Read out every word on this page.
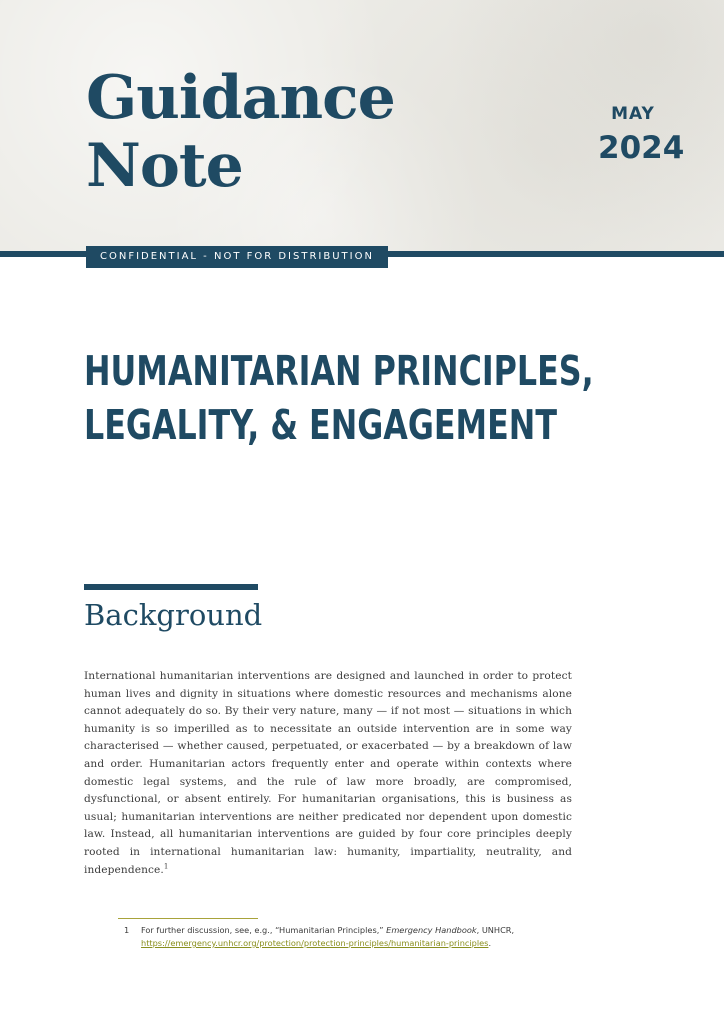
Guidance
Note
MAY
2024
CONFIDENTIAL - NOT FOR DISTRIBUTION
HUMANITARIAN PRINCIPLES,
LEGALITY, & ENGAGEMENT
Background

International humanitarian interventions are designed and launched in order to protect human lives and dignity in situations where domestic resources and mechanisms alone cannot adequately do so. By their very nature, many — if not most — situations in which humanity is so imperilled as to necessitate an outside intervention are in some way characterised — whether caused, perpetuated, or exacerbated — by a breakdown of law and order. Humanitarian actors frequently enter and operate within contexts where domestic legal systems, and the rule of law more broadly, are compromised, dysfunctional, or absent entirely. For humanitarian organisations, this is business as usual; humanitarian interventions are neither predicated nor dependent upon domestic law. Instead, all humanitarian interventions are guided by four core principles deeply rooted in international humanitarian law: humanity, impartiality, neutrality, and independence.$^1$

1 For further discussion, see, e.g., “Humanitarian Principles,” Emergency Handbook, UNHCR, https://emergency.unhcr.org/protection/protection-principles/humanitarian-principles.
